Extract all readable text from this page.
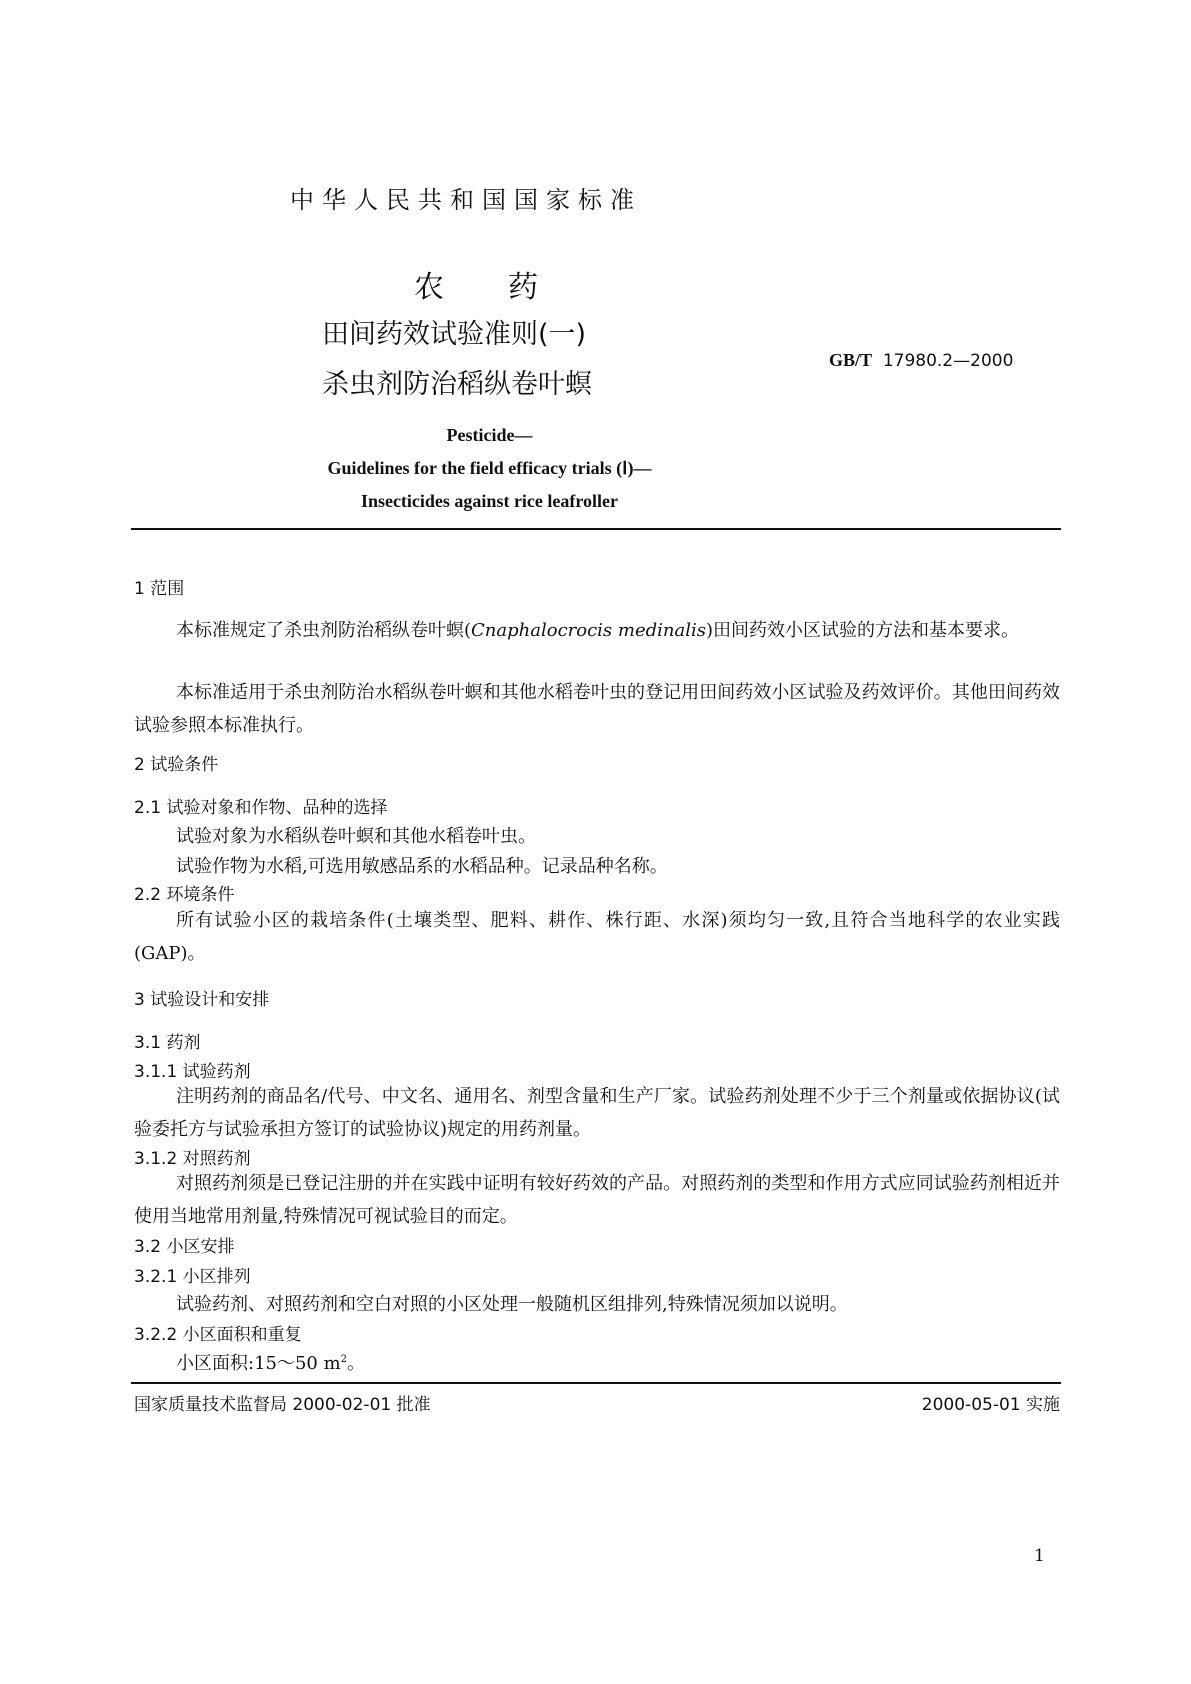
中华人民共和国国家标准
农 药
田间药效试验准则(一)
杀虫剂防治稻纵卷叶螟
GB/T 17980.2—2000
Pesticide—
Guidelines for the field efficacy trials (Ⅰ)—
Insecticides against rice leafroller
1 范围
本标准规定了杀虫剂防治稻纵卷叶螟(Cnaphalocrocis medinalis)田间药效小区试验的方法和基本要求。
本标准适用于杀虫剂防治水稻纵卷叶螟和其他水稻卷叶虫的登记用田间药效小区试验及药效评价。其他田间药效试验参照本标准执行。
2 试验条件
2.1 试验对象和作物、品种的选择
试验对象为水稻纵卷叶螟和其他水稻卷叶虫。
试验作物为水稻,可选用敏感品系的水稻品种。记录品种名称。
2.2 环境条件
所有试验小区的栽培条件(土壤类型、肥料、耕作、株行距、水深)须均匀一致,且符合当地科学的农业实践(GAP)。
3 试验设计和安排
3.1 药剂
3.1.1 试验药剂
注明药剂的商品名/代号、中文名、通用名、剂型含量和生产厂家。试验药剂处理不少于三个剂量或依据协议(试验委托方与试验承担方签订的试验协议)规定的用药剂量。
3.1.2 对照药剂
对照药剂须是已登记注册的并在实践中证明有较好药效的产品。对照药剂的类型和作用方式应同试验药剂相近并使用当地常用剂量,特殊情况可视试验目的而定。
3.2 小区安排
3.2.1 小区排列
试验药剂、对照药剂和空白对照的小区处理一般随机区组排列,特殊情况须加以说明。
3.2.2 小区面积和重复
小区面积:15～50 $m^2$。
国家质量技术监督局 2000-02-01 批准	2000-05-01 实施
1
